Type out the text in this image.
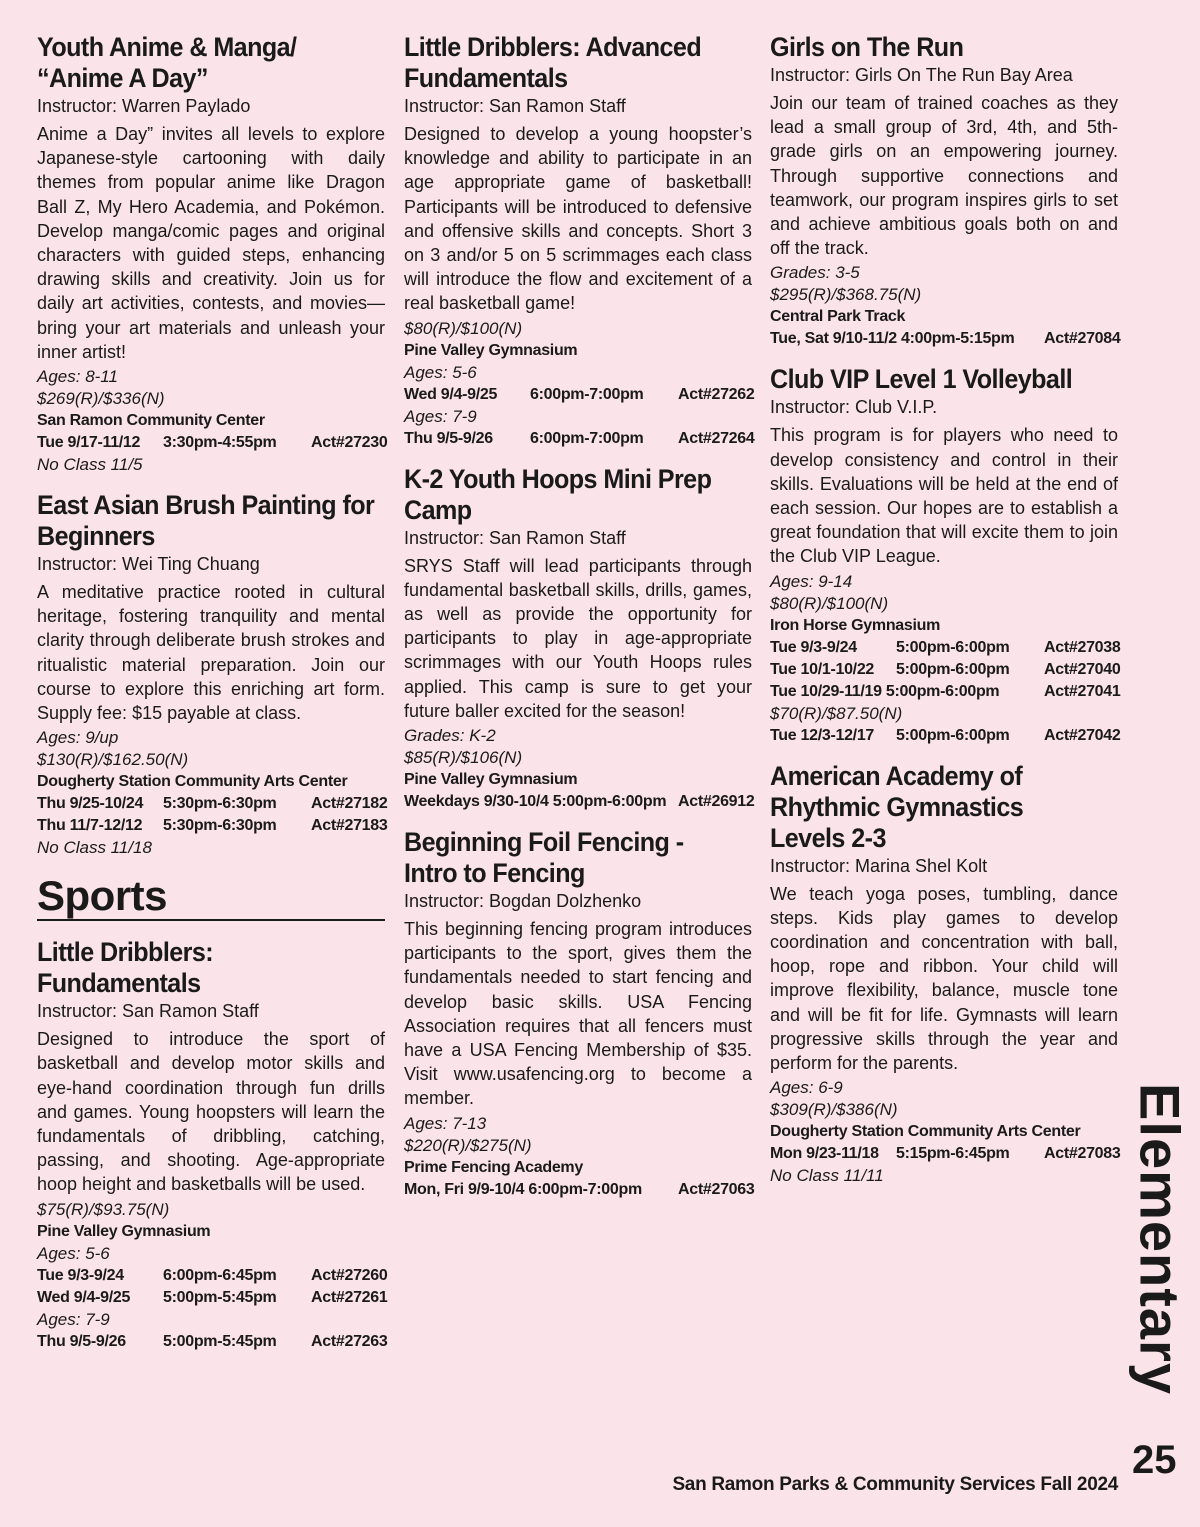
Youth Anime & Manga/
“Anime A Day”
Instructor: Warren Paylado

Anime a Day” invites all levels to explore Japanese-style cartooning with daily themes from popular anime like Dragon Ball Z, My Hero Academia, and Pokémon. Develop manga/comic pages and original characters with guided steps, enhancing drawing skills and creativity. Join us for daily art activities, contests, and movies—bring your art materials and unleash your inner artist!

Ages: 8-11
$269(R)/$336(N)
San Ramon Community Center
Tue 9/17-11/12	3:30pm-4:55pm	Act#27230
No Class 11/5
East Asian Brush Painting for
Beginners
Instructor: Wei Ting Chuang

A meditative practice rooted in cultural heritage, fostering tranquility and mental clarity through deliberate brush strokes and ritualistic material preparation. Join our course to explore this enriching art form. Supply fee: $15 payable at class.

Ages: 9/up
$130(R)/$162.50(N)
Dougherty Station Community Arts Center
Thu 9/25-10/24	5:30pm-6:30pm	Act#27182
Thu 11/7-12/12	5:30pm-6:30pm	Act#27183
No Class 11/18
Sports
Little Dribblers:
Fundamentals
Instructor: San Ramon Staff

Designed to introduce the sport of basketball and develop motor skills and eye-hand coordination through fun drills and games. Young hoopsters will learn the fundamentals of dribbling, catching, passing, and shooting. Age-appropriate hoop height and basketballs will be used.

$75(R)/$93.75(N)
Pine Valley Gymnasium
Ages: 5-6
Tue 9/3-9/24	6:00pm-6:45pm	Act#27260
Wed 9/4-9/25	5:00pm-5:45pm	Act#27261
Ages: 7-9
Thu 9/5-9/26	5:00pm-5:45pm	Act#27263
Little Dribblers: Advanced
Fundamentals
Instructor: San Ramon Staff

Designed to develop a young hoopster’s knowledge and ability to participate in an age appropriate game of basketball! Participants will be introduced to defensive and offensive skills and concepts. Short 3 on 3 and/or 5 on 5 scrimmages each class will introduce the flow and excitement of a real basketball game!

$80(R)/$100(N)
Pine Valley Gymnasium
Ages: 5-6
Wed 9/4-9/25	6:00pm-7:00pm	Act#27262
Ages: 7-9
Thu 9/5-9/26	6:00pm-7:00pm	Act#27264
K-2 Youth Hoops Mini Prep
Camp
Instructor: San Ramon Staff

SRYS Staff will lead participants through fundamental basketball skills, drills, games, as well as provide the opportunity for participants to play in age-appropriate scrimmages with our Youth Hoops rules applied. This camp is sure to get your future baller excited for the season!

Grades: K-2
$85(R)/$106(N)
Pine Valley Gymnasium
Weekdays 9/30-10/4 5:00pm-6:00pm Act#26912
Beginning Foil Fencing -
Intro to Fencing
Instructor: Bogdan Dolzhenko

This beginning fencing program introduces participants to the sport, gives them the fundamentals needed to start fencing and develop basic skills. USA Fencing Association requires that all fencers must have a USA Fencing Membership of $35. Visit www.usafencing.org to become a member.

Ages: 7-13
$220(R)/$275(N)
Prime Fencing Academy
Mon, Fri 9/9-10/4 6:00pm-7:00pm	Act#27063
Girls on The Run
Instructor: Girls On The Run Bay Area

Join our team of trained coaches as they lead a small group of 3rd, 4th, and 5th-grade girls on an empowering journey. Through supportive connections and teamwork, our program inspires girls to set and achieve ambitious goals both on and off the track.

Grades: 3-5
$295(R)/$368.75(N)
Central Park Track
Tue, Sat 9/10-11/2 4:00pm-5:15pm	Act#27084
Club VIP Level 1 Volleyball
Instructor: Club V.I.P.

This program is for players who need to develop consistency and control in their skills. Evaluations will be held at the end of each session. Our hopes are to establish a great foundation that will excite them to join the Club VIP League.

Ages: 9-14
$80(R)/$100(N)
Iron Horse Gymnasium
Tue 9/3-9/24	5:00pm-6:00pm	Act#27038
Tue 10/1-10/22	5:00pm-6:00pm	Act#27040
Tue 10/29-11/19 5:00pm-6:00pm	Act#27041
$70(R)/$87.50(N)
Tue 12/3-12/17	5:00pm-6:00pm	Act#27042
American Academy of
Rhythmic Gymnastics
Levels 2-3
Instructor: Marina Shel Kolt

We teach yoga poses, tumbling, dance steps. Kids play games to develop coordination and concentration with ball, hoop, rope and ribbon. Your child will improve flexibility, balance, muscle tone and will be fit for life. Gymnasts will learn progressive skills through the year and perform for the parents.

Ages: 6-9
$309(R)/$386(N)
Dougherty Station Community Arts Center
Mon 9/23-11/18	5:15pm-6:45pm	Act#27083
No Class 11/11	Elementary
San Ramon Parks & Community Services Fall 2024
25
